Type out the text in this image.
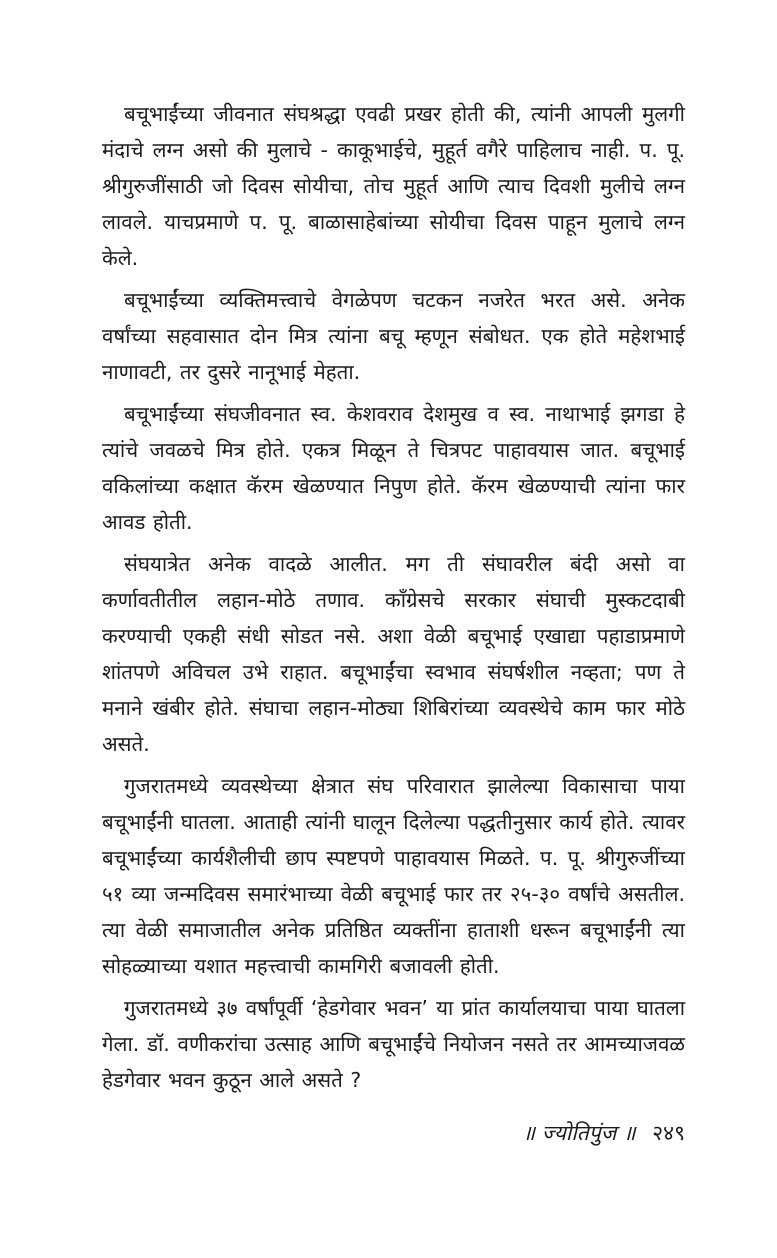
बचूभाईंच्या जीवनात संघश्रद्धा एवढी प्रखर होती की, त्यांनी आपली मुलगी मंदाचे लग्न असो की मुलाचे - काकूभाईचे, मुहूर्त वगैरे पाहिलाच नाही. प. पू. श्रीगुरुजींसाठी जो दिवस सोयीचा, तोच मुहूर्त आणि त्याच दिवशी मुलीचे लग्न लावले. याचप्रमाणे प. पू. बाळासाहेबांच्या सोयीचा दिवस पाहून मुलाचे लग्न केले.

बचूभाईंच्या व्यक्तिमत्त्वाचे वेगळेपण चटकन नजरेत भरत असे. अनेक वर्षांच्या सहवासात दोन मित्र त्यांना बचू म्हणून संबोधत. एक होते महेशभाई नाणावटी, तर दुसरे नानूभाई मेहता.

बचूभाईंच्या संघजीवनात स्व. केशवराव देशमुख व स्व. नाथाभाई झगडा हे त्यांचे जवळचे मित्र होते. एकत्र मिळून ते चित्रपट पाहावयास जात. बचूभाई वकिलांच्या कक्षात कॅरम खेळण्यात निपुण होते. कॅरम खेळण्याची त्यांना फार आवड होती.

संघयात्रेत अनेक वादळे आलीत. मग ती संघावरील बंदी असो वा कर्णावतीतील लहान-मोठे तणाव. कॉंग्रेसचे सरकार संघाची मुस्कटदाबी करण्याची एकही संधी सोडत नसे. अशा वेळी बचूभाई एखाद्या पहाडाप्रमाणे शांतपणे अविचल उभे राहात. बचूभाईंचा स्वभाव संघर्षशील नव्हता; पण ते मनाने खंबीर होते. संघाचा लहान-मोठ्या शिबिरांच्या व्यवस्थेचे काम फार मोठे असते.

गुजरातमध्ये व्यवस्थेच्या क्षेत्रात संघ परिवारात झालेल्या विकासाचा पाया बचूभाईंनी घातला. आताही त्यांनी घालून दिलेल्या पद्धतीनुसार कार्य होते. त्यावर बचूभाईंच्या कार्यशैलीची छाप स्पष्टपणे पाहावयास मिळते. प. पू. श्रीगुरुजींच्या ५१ व्या जन्मदिवस समारंभाच्या वेळी बचूभाई फार तर २५-३० वर्षांचे असतील. त्या वेळी समाजातील अनेक प्रतिष्ठित व्यक्तींना हाताशी धरून बचूभाईंनी त्या सोहळ्याच्या यशात महत्त्वाची कामगिरी बजावली होती.

गुजरातमध्ये ३७ वर्षांपूर्वी ‘हेडगेवार भवन’ या प्रांत कार्यालयाचा पाया घातला गेला. डॉ. वणीकरांचा उत्साह आणि बचूभाईंचे नियोजन नसते तर आमच्याजवळ हेडगेवार भवन कुठून आले असते ?

॥ ज्योतिपुंज ॥ २४९
